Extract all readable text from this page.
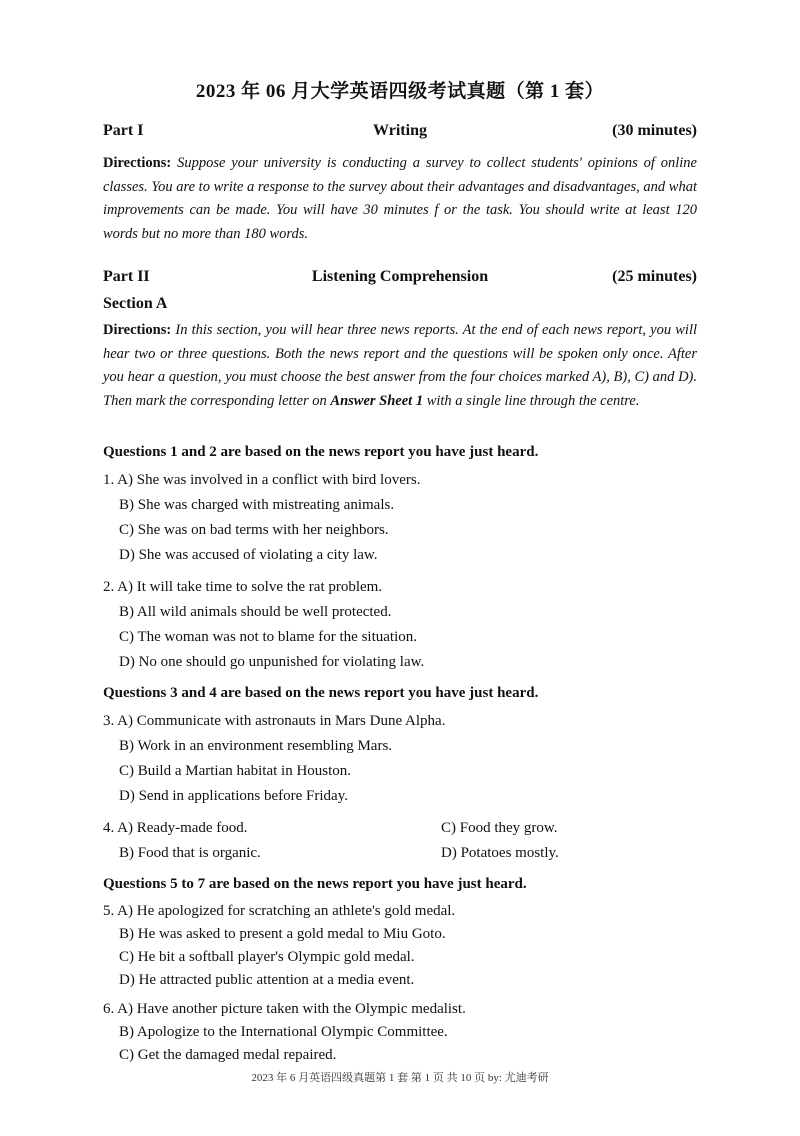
2023 年 06 月大学英语四级考试真题（第 1 套）
Part I	Writing	(30 minutes)
Directions: Suppose your university is conducting a survey to collect students' opinions of online classes. You are to write a response to the survey about their advantages and disadvantages, and what improvements can be made. You will have 30 minutes f or the task. You should write at least 120 words but no more than 180 words.
Part II	Listening Comprehension	(25 minutes)
Section A
Directions: In this section, you will hear three news reports. At the end of each news report, you will hear two or three questions. Both the news report and the questions will be spoken only once. After you hear a question, you must choose the best answer from the four choices marked A), B), C) and D). Then mark the corresponding letter on Answer Sheet 1 with a single line through the centre.
Questions 1 and 2 are based on the news report you have just heard.
1. A) She was involved in a conflict with bird lovers.
B) She was charged with mistreating animals.
C) She was on bad terms with her neighbors.
D) She was accused of violating a city law.
2. A) It will take time to solve the rat problem.
B) All wild animals should be well protected.
C) The woman was not to blame for the situation.
D) No one should go unpunished for violating law.
Questions 3 and 4 are based on the news report you have just heard.
3. A) Communicate with astronauts in Mars Dune Alpha.
B) Work in an environment resembling Mars.
C) Build a Martian habitat in Houston.
D) Send in applications before Friday.
4. A) Ready-made food.	C) Food they grow.
B) Food that is organic.	D) Potatoes mostly.
Questions 5 to 7 are based on the news report you have just heard.
5. A) He apologized for scratching an athlete's gold medal.
B) He was asked to present a gold medal to Miu Goto.
C) He bit a softball player's Olympic gold medal.
D) He attracted public attention at a media event.
6. A) Have another picture taken with the Olympic medalist.
B) Apologize to the International Olympic Committee.
C) Get the damaged medal repaired.
2023 年 6 月英语四级真题第 1 套 第 1 页 共 10 页 by: 尤迪考研
